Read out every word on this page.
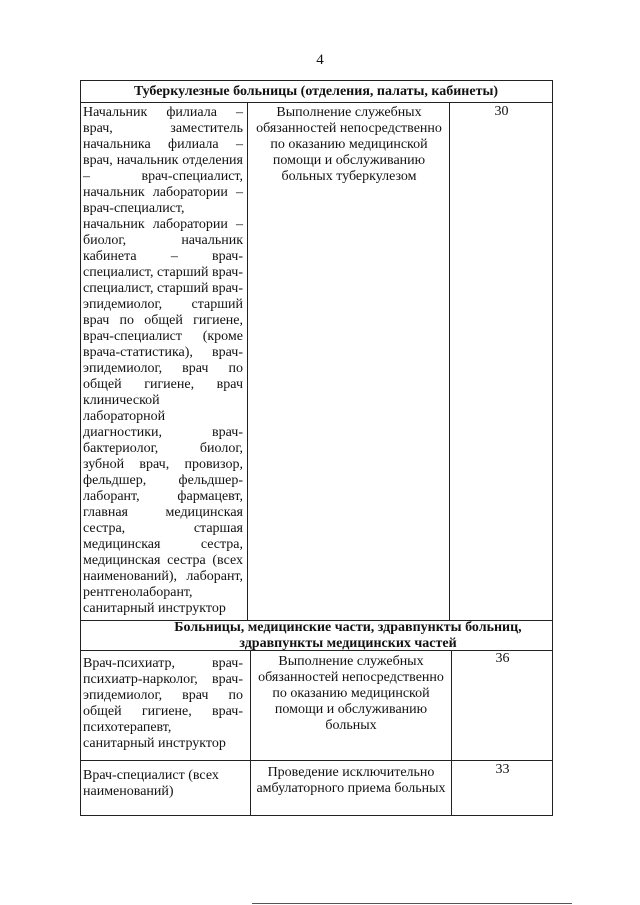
4
Туберкулезные больницы (отделения, палаты, кабинеты)
Начальник филиала – врач, заместитель начальника филиала – врач, начальник отделения – врач-специалист, начальник лаборатории – врач-специалист, начальник лаборатории – биолог, начальник кабинета – врач-специалист, старший врач-специалист, старший врач-эпидемиолог, старший врач по общей гигиене, врач-специалист (кроме врача-статистика), врач-эпидемиолог, врач по общей гигиене, врач клинической лабораторной диагностики, врач-бактериолог, биолог, зубной врач, провизор, фельдшер, фельдшер-лаборант, фармацевт, главная медицинская сестра, старшая медицинская сестра, медицинская сестра (всех наименований), лаборант, рентгенолаборант, санитарный инструктор
Выполнение служебных обязанностей непосредственно по оказанию медицинской помощи и обслуживанию больных туберкулезом
30
Больницы, медицинские части, здравпункты больниц, здравпункты медицинских частей
Врач-психиатр, врач-психиатр-нарколог, врач-эпидемиолог, врач по общей гигиене, врач-психотерапевт, санитарный инструктор
Выполнение служебных обязанностей непосредственно по оказанию медицинской помощи и обслуживанию больных
36
Врач-специалист (всех наименований)
Проведение исключительно амбулаторного приема больных
33
